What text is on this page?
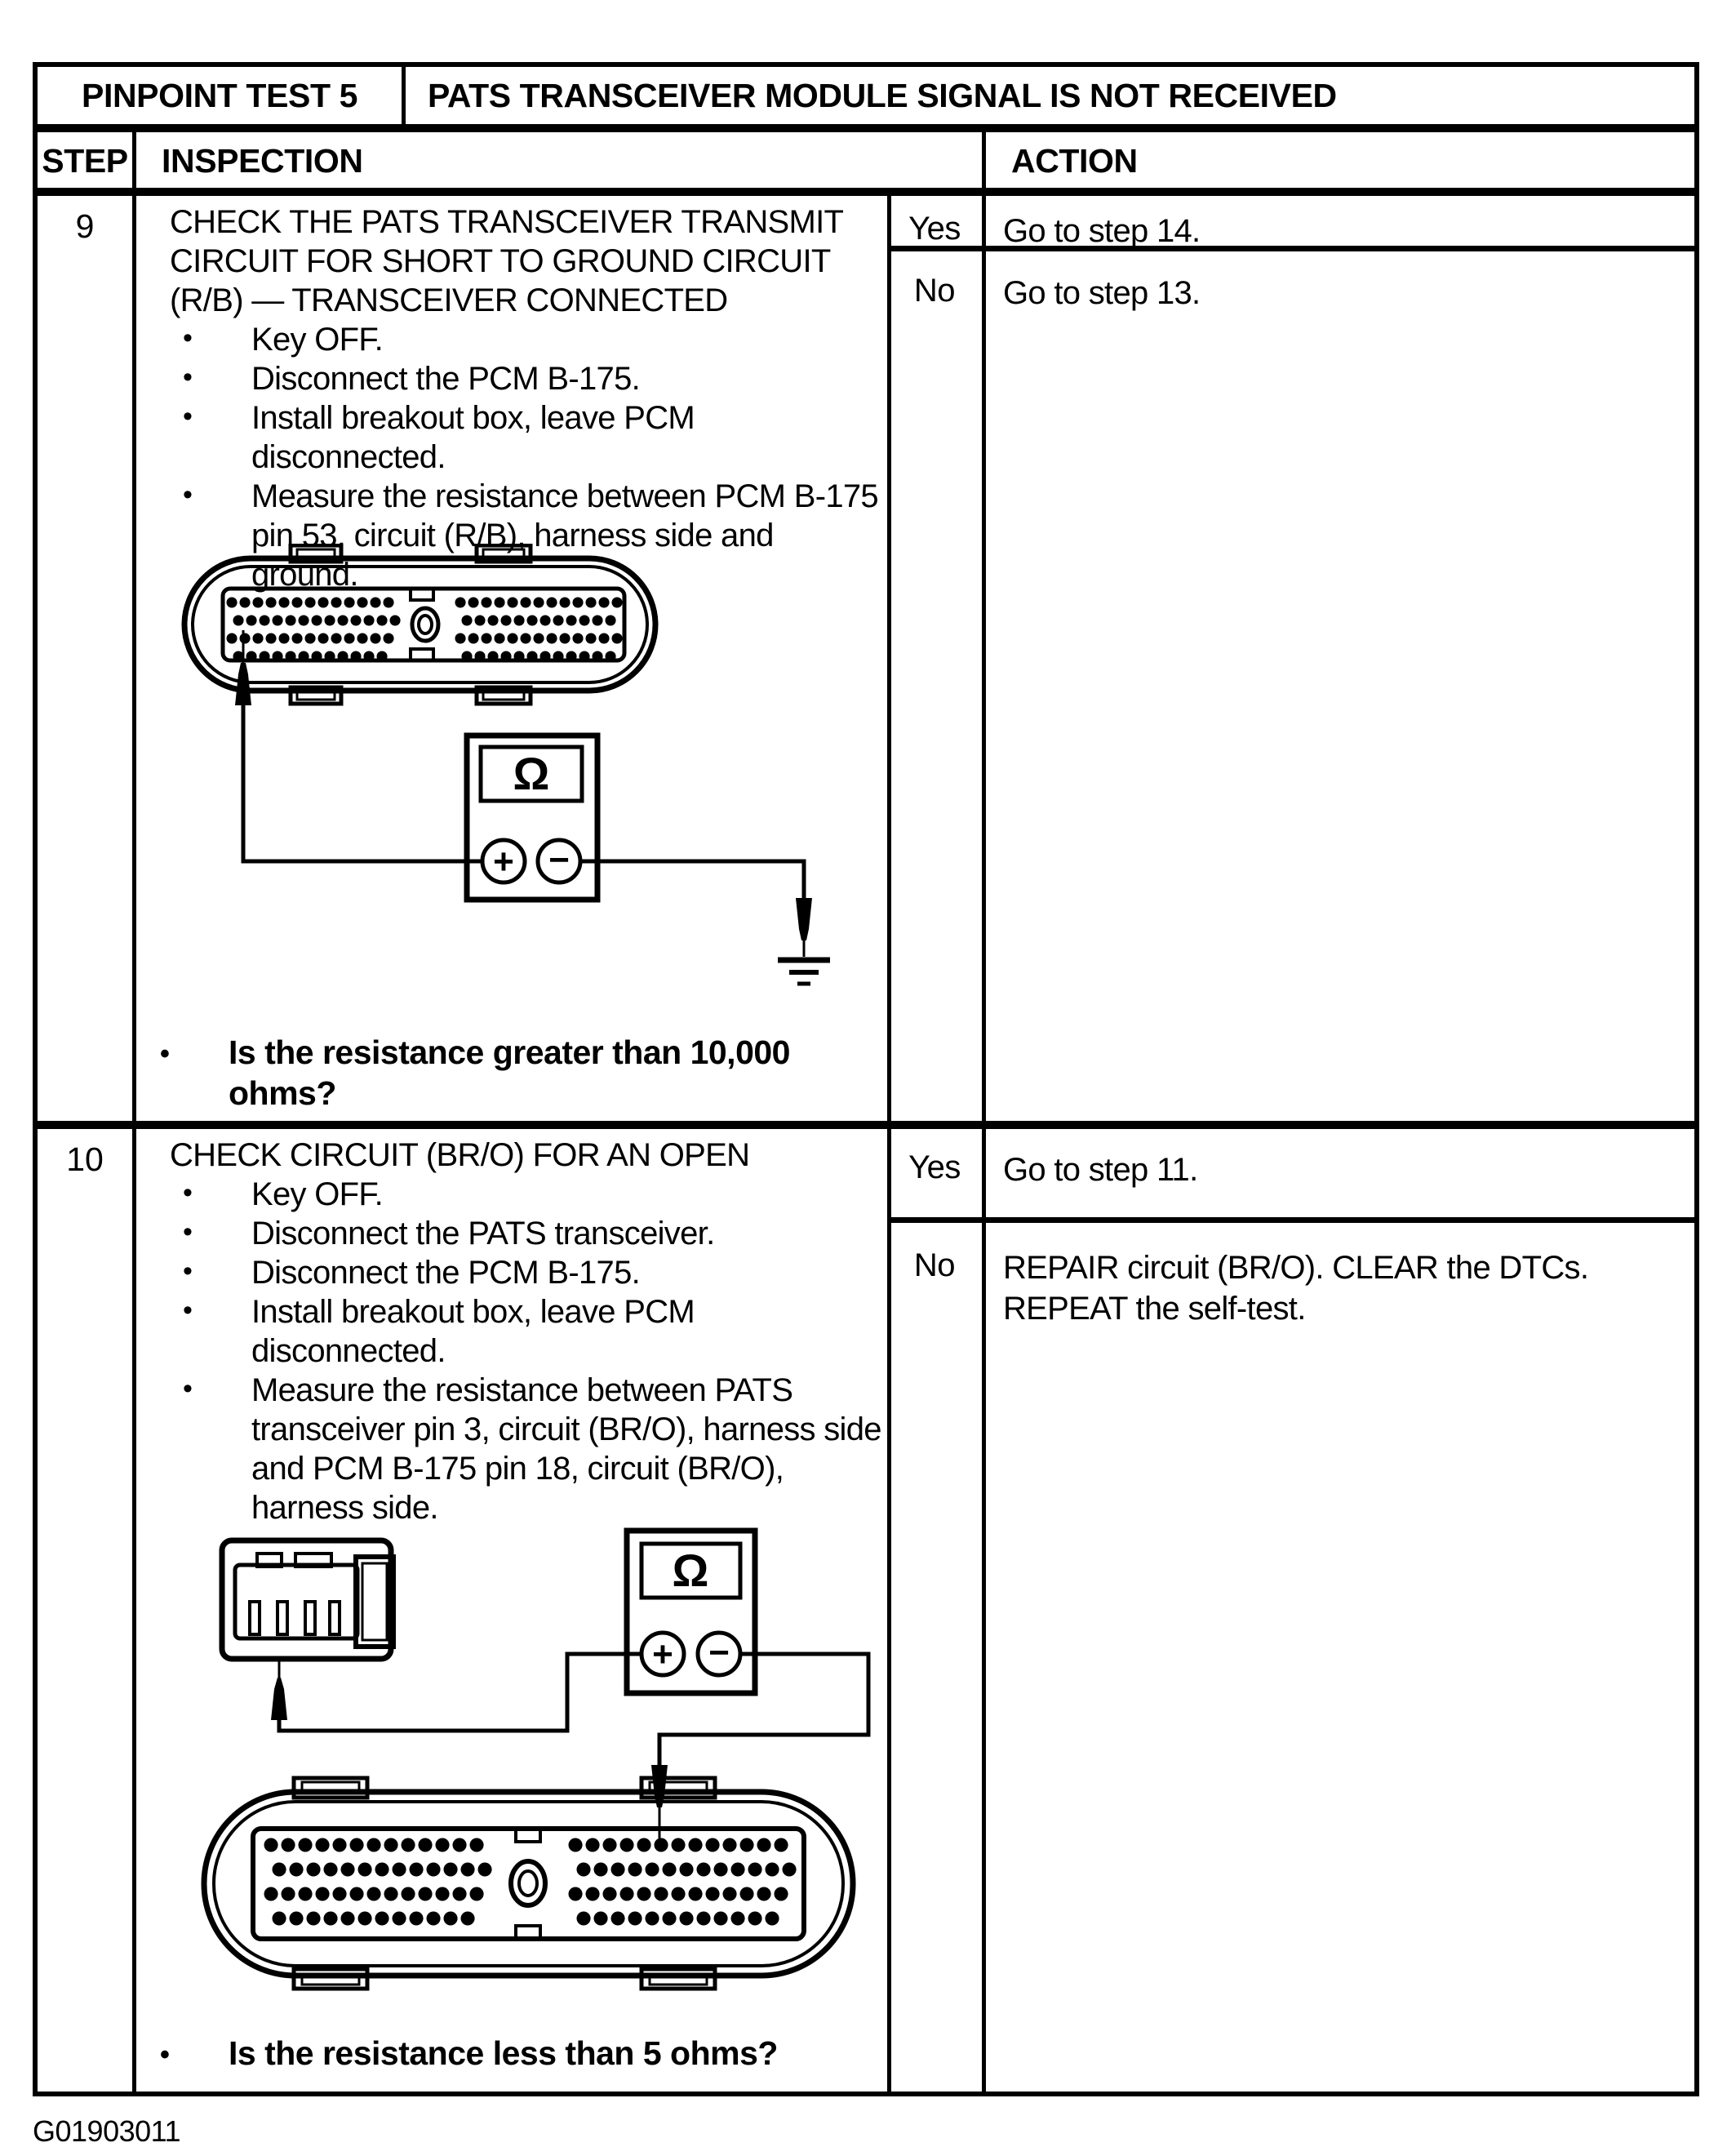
PINPOINT TEST 5	PATS TRANSCEIVER MODULE SIGNAL IS NOT RECEIVED
STEP INSPECTION	ACTION
9	CHECK THE PATS TRANSCEIVER TRANSMIT CIRCUIT FOR SHORT TO GROUND CIRCUIT (R/B) — TRANSCEIVER CONNECTED

• Key OFF.
• Disconnect the PCM B-175.
• Install breakout box, leave PCM disconnected.
• Measure the resistance between PCM B-175 pin 53, circuit (R/B), harness side and ground.
Ω
+ −
• Is the resistance greater than 10,000
ohms?
Yes	Go to step 14.
No	Go to step 13.
10	CHECK CIRCUIT (BR/O) FOR AN OPEN

• Key OFF.
• Disconnect the PATS transceiver.
• Disconnect the PCM B-175.
• Install breakout box, leave PCM disconnected.
• Measure the resistance between PATS transceiver pin 3, circuit (BR/O), harness side and PCM B-175 pin 18, circuit (BR/O), harness side.
Ω
+ −
• Is the resistance less than 5 ohms?
Yes	Go to step 11.
No	REPAIR circuit (BR/O). CLEAR the DTCs. REPEAT the self-test.
G01903011
